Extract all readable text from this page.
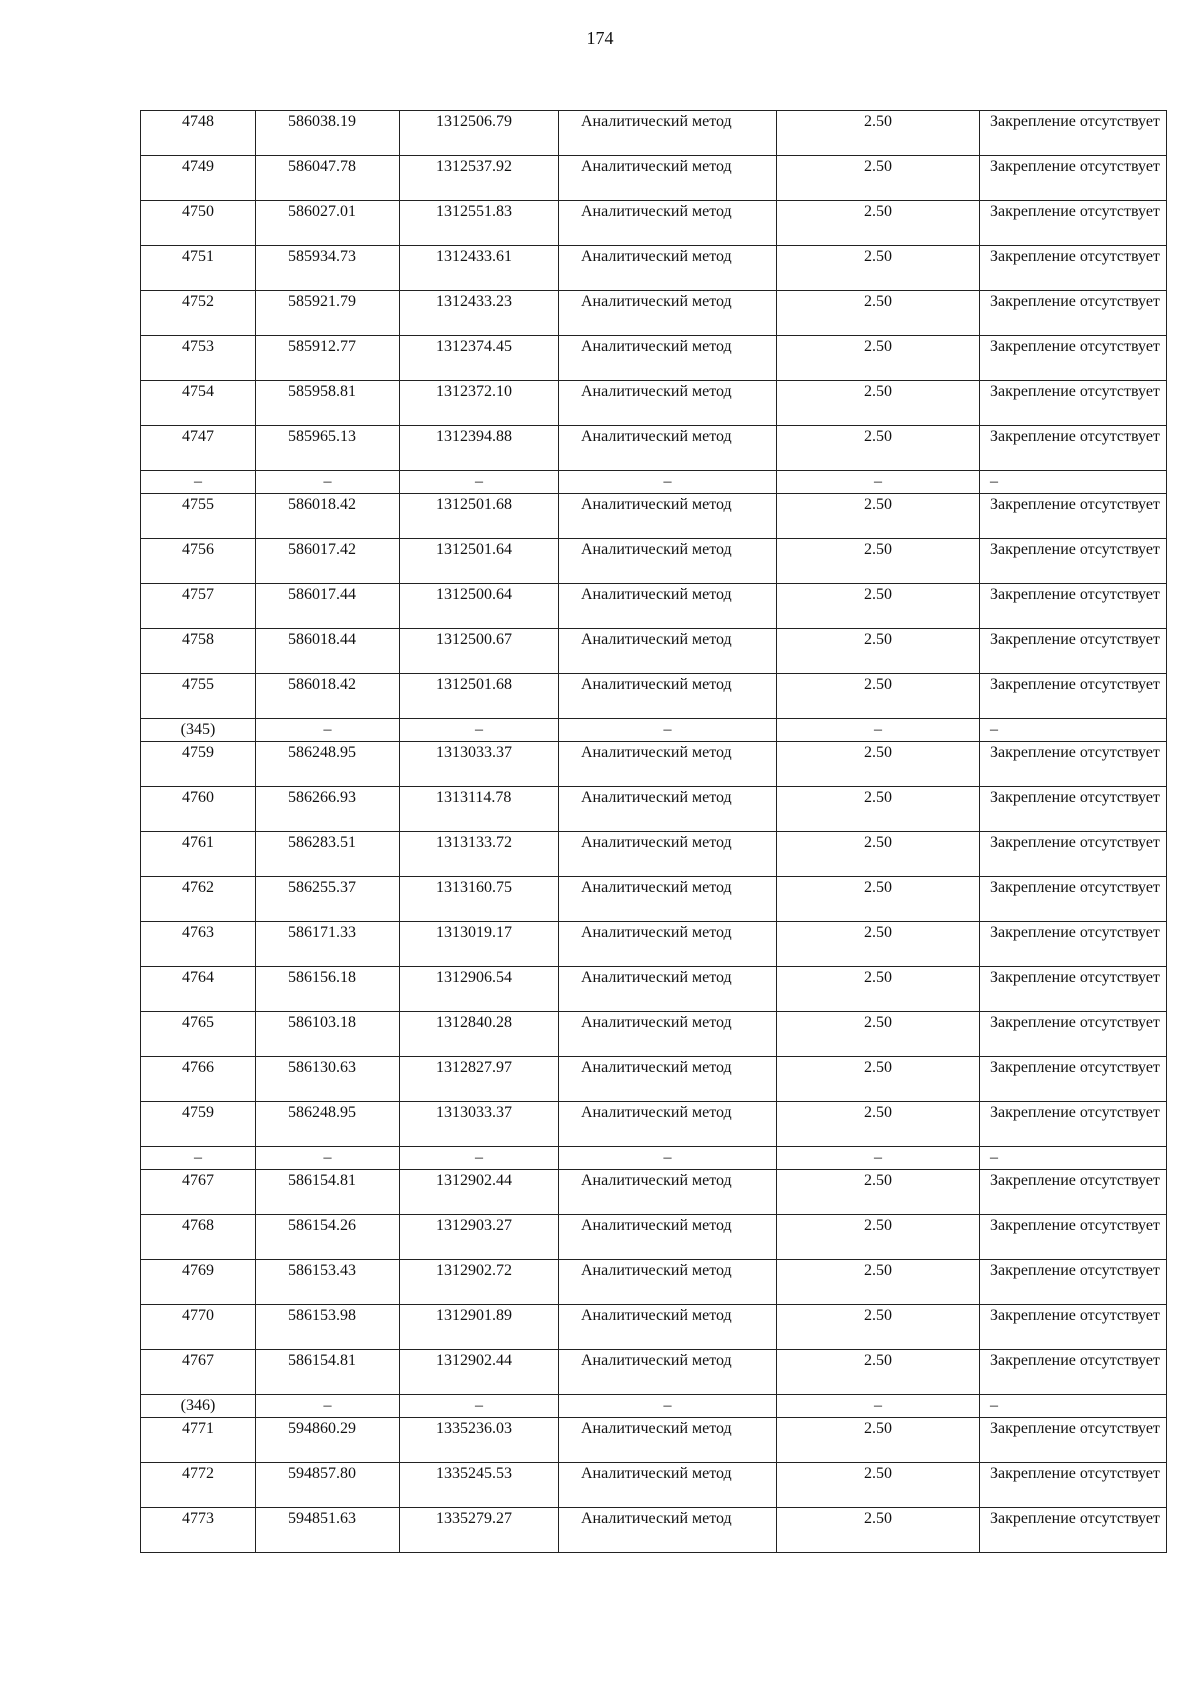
174
4748	586038.19	1312506.79	Аналитический метод	2.50	Закрепление отсутствует
4749	586047.78	1312537.92	Аналитический метод	2.50	Закрепление отсутствует
4750	586027.01	1312551.83	Аналитический метод	2.50	Закрепление отсутствует
4751	585934.73	1312433.61	Аналитический метод	2.50	Закрепление отсутствует
4752	585921.79	1312433.23	Аналитический метод	2.50	Закрепление отсутствует
4753	585912.77	1312374.45	Аналитический метод	2.50	Закрепление отсутствует
4754	585958.81	1312372.10	Аналитический метод	2.50	Закрепление отсутствует
4747	585965.13	1312394.88	Аналитический метод	2.50	Закрепление отсутствует
–	–	–	–	–	–
4755	586018.42	1312501.68	Аналитический метод	2.50	Закрепление отсутствует
4756	586017.42	1312501.64	Аналитический метод	2.50	Закрепление отсутствует
4757	586017.44	1312500.64	Аналитический метод	2.50	Закрепление отсутствует
4758	586018.44	1312500.67	Аналитический метод	2.50	Закрепление отсутствует
4755	586018.42	1312501.68	Аналитический метод	2.50	Закрепление отсутствует
(345)	–	–	–	–	–
4759	586248.95	1313033.37	Аналитический метод	2.50	Закрепление отсутствует
4760	586266.93	1313114.78	Аналитический метод	2.50	Закрепление отсутствует
4761	586283.51	1313133.72	Аналитический метод	2.50	Закрепление отсутствует
4762	586255.37	1313160.75	Аналитический метод	2.50	Закрепление отсутствует
4763	586171.33	1313019.17	Аналитический метод	2.50	Закрепление отсутствует
4764	586156.18	1312906.54	Аналитический метод	2.50	Закрепление отсутствует
4765	586103.18	1312840.28	Аналитический метод	2.50	Закрепление отсутствует
4766	586130.63	1312827.97	Аналитический метод	2.50	Закрепление отсутствует
4759	586248.95	1313033.37	Аналитический метод	2.50	Закрепление отсутствует
–	–	–	–	–	–
4767	586154.81	1312902.44	Аналитический метод	2.50	Закрепление отсутствует
4768	586154.26	1312903.27	Аналитический метод	2.50	Закрепление отсутствует
4769	586153.43	1312902.72	Аналитический метод	2.50	Закрепление отсутствует
4770	586153.98	1312901.89	Аналитический метод	2.50	Закрепление отсутствует
4767	586154.81	1312902.44	Аналитический метод	2.50	Закрепление отсутствует
(346)	–	–	–	–	–
4771	594860.29	1335236.03	Аналитический метод	2.50	Закрепление отсутствует
4772	594857.80	1335245.53	Аналитический метод	2.50	Закрепление отсутствует
4773	594851.63	1335279.27	Аналитический метод	2.50	Закрепление отсутствует
